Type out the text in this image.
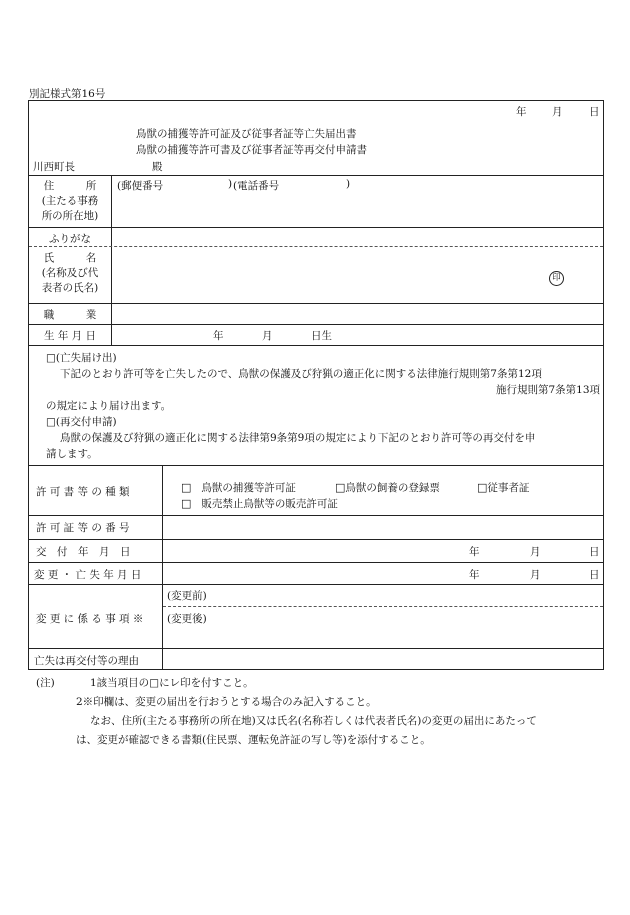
別記様式第16号
年 月	日
鳥獣の捕獲等許可証及び従事者証等亡失届出書
鳥獣の捕獲等許可書及び従事者証等再交付申請書
川西町長	殿
住　　　所
(主たる事務
所の所在地)
(郵便番号	) (電話番号	)
ふりがな
氏　　　名
(名称及び代
表者の氏名)
印
職　　　業
生 年 月 日	年	月	日生
□(亡失届け出)
下記のとおり許可等を亡失したので、鳥獣の保護及び狩猟の適正化に関する法律施行規則第7条第12項
施行規則第7条第13項
の規定により届け出ます。
□(再交付申請)
鳥獣の保護及び狩猟の適正化に関する法律第9条第9項の規定により下記のとおり許可等の再交付を申
請します。
許 可 書 等 の 種 類	□ 鳥獣の捕獲等許可証	□鳥獣の飼養の登録票	□従事者証
□ 販売禁止鳥獣等の販売許可証
許 可 証 等 の 番 号
交　付　年　月　日	年	月	日
変 更 ・ 亡 失 年 月 日	年	月	日
変 更 に 係 る 事 項 ※
(変更前)
(変更後)
亡失は再交付等の理由
(注)	1該当項目の□にレ印を付すこと。
2※印欄は、変更の届出を行おうとする場合のみ記入すること。
なお、住所(主たる事務所の所在地)又は氏名(名称若しくは代表者氏名)の変更の届出にあたって
は、変更が確認できる書類(住民票、運転免許証の写し等)を添付すること。
